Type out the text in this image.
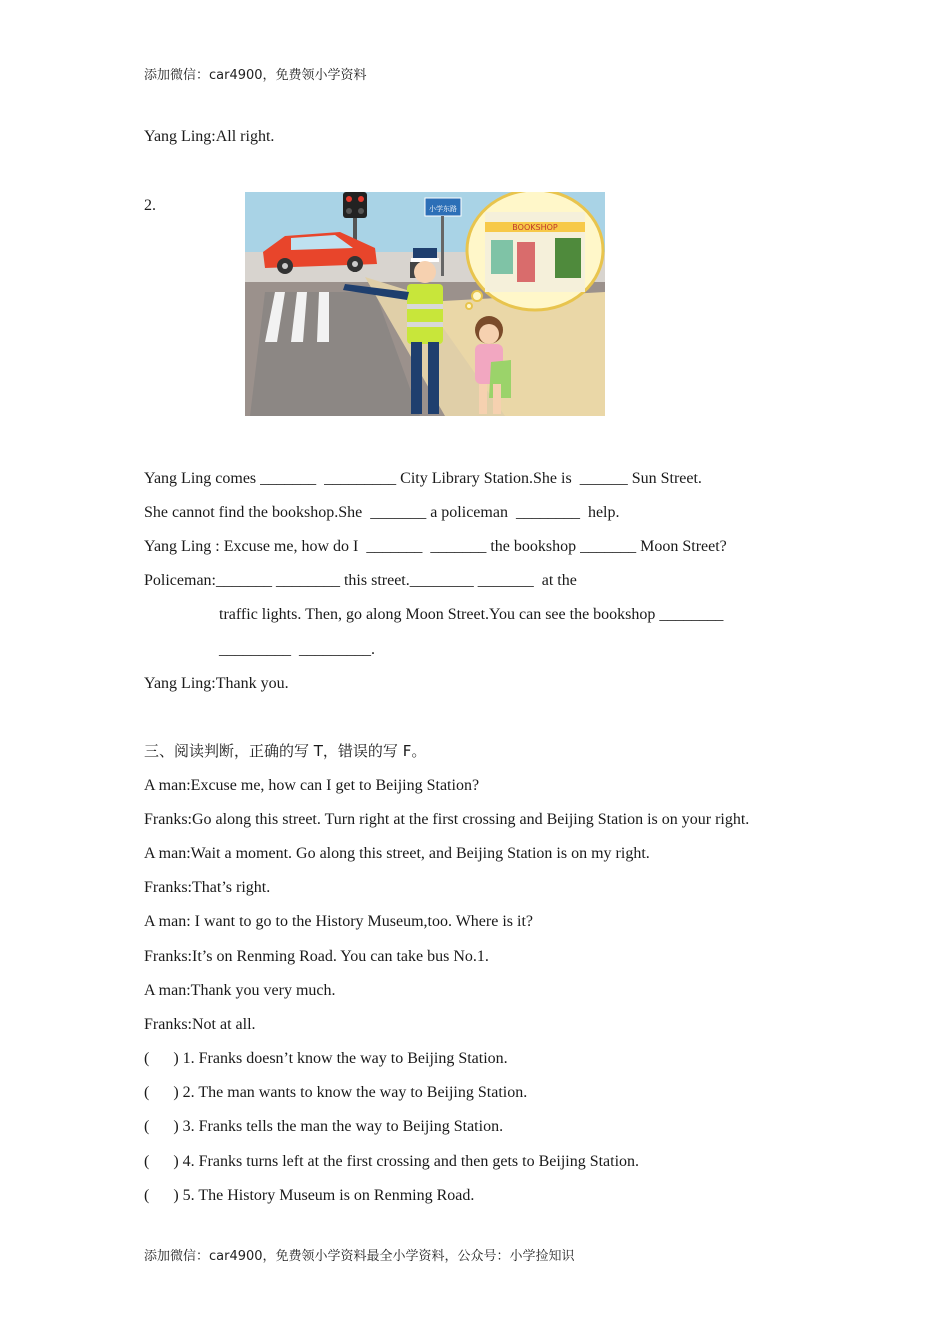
添加微信：car4900，免费领小学资料
Yang Ling:All right.
2.	小学东路
BOOKSHOP
Yang Ling comes _______  _________ City Library Station.She is  ______ Sun Street.
She cannot find the bookshop.She  _______ a policeman  ________  help.
Yang Ling : Excuse me, how do I  _______  _______ the bookshop _______ Moon Street?
Policeman:_______ ________ this street.________ _______  at the
traffic lights. Then, go along Moon Street.You can see the bookshop ________
_________  _________.
Yang Ling:Thank you.
三、阅读判断，正确的写 T，错误的写 F。
A man:Excuse me, how can I get to Beijing Station?
Franks:Go along this street. Turn right at the first crossing and Beijing Station is on your right.
A man:Wait a moment. Go along this street, and Beijing Station is on my right.
Franks:That’s right.
A man: I want to go to the History Museum,too. Where is it?
Franks:It’s on Renming Road. You can take bus No.1.
A man:Thank you very much.
Franks:Not at all.
(      ) 1. Franks doesn’t know the way to Beijing Station.
(      ) 2. The man wants to know the way to Beijing Station.
(      ) 3. Franks tells the man the way to Beijing Station.
(      ) 4. Franks turns left at the first crossing and then gets to Beijing Station.
(      ) 5. The History Museum is on Renming Road.
添加微信：car4900，免费领小学资料最全小学资料，公众号：小学捡知识
